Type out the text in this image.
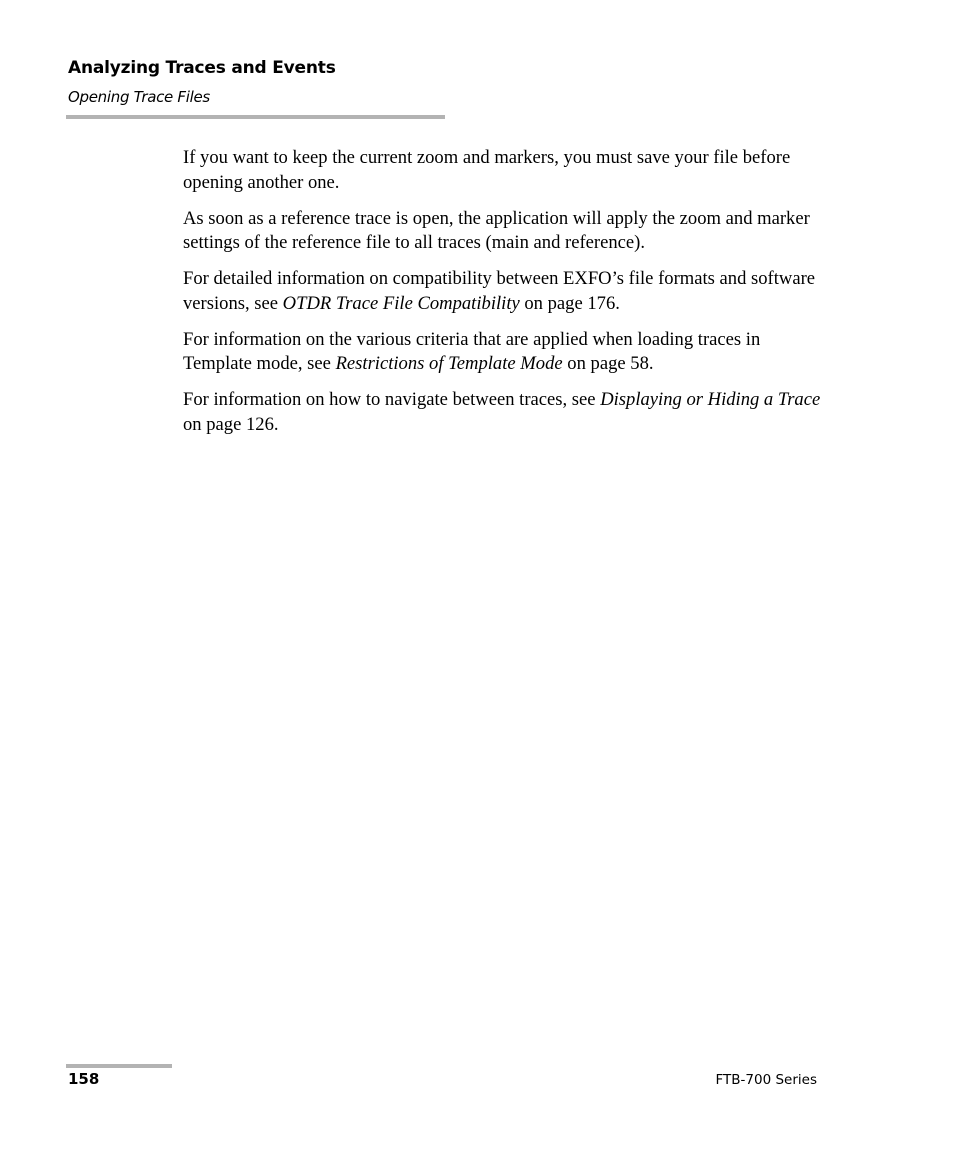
Analyzing Traces and Events
Opening Trace Files

If you want to keep the current zoom and markers, you must save your file before opening another one.

As soon as a reference trace is open, the application will apply the zoom and marker settings of the reference file to all traces (main and reference).

For detailed information on compatibility between EXFO’s file formats and software versions, see OTDR Trace File Compatibility on page 176.

For information on the various criteria that are applied when loading traces in Template mode, see Restrictions of Template Mode on page 58.

For information on how to navigate between traces, see Displaying or Hiding a Trace on page 126.

158	FTB-700 Series
